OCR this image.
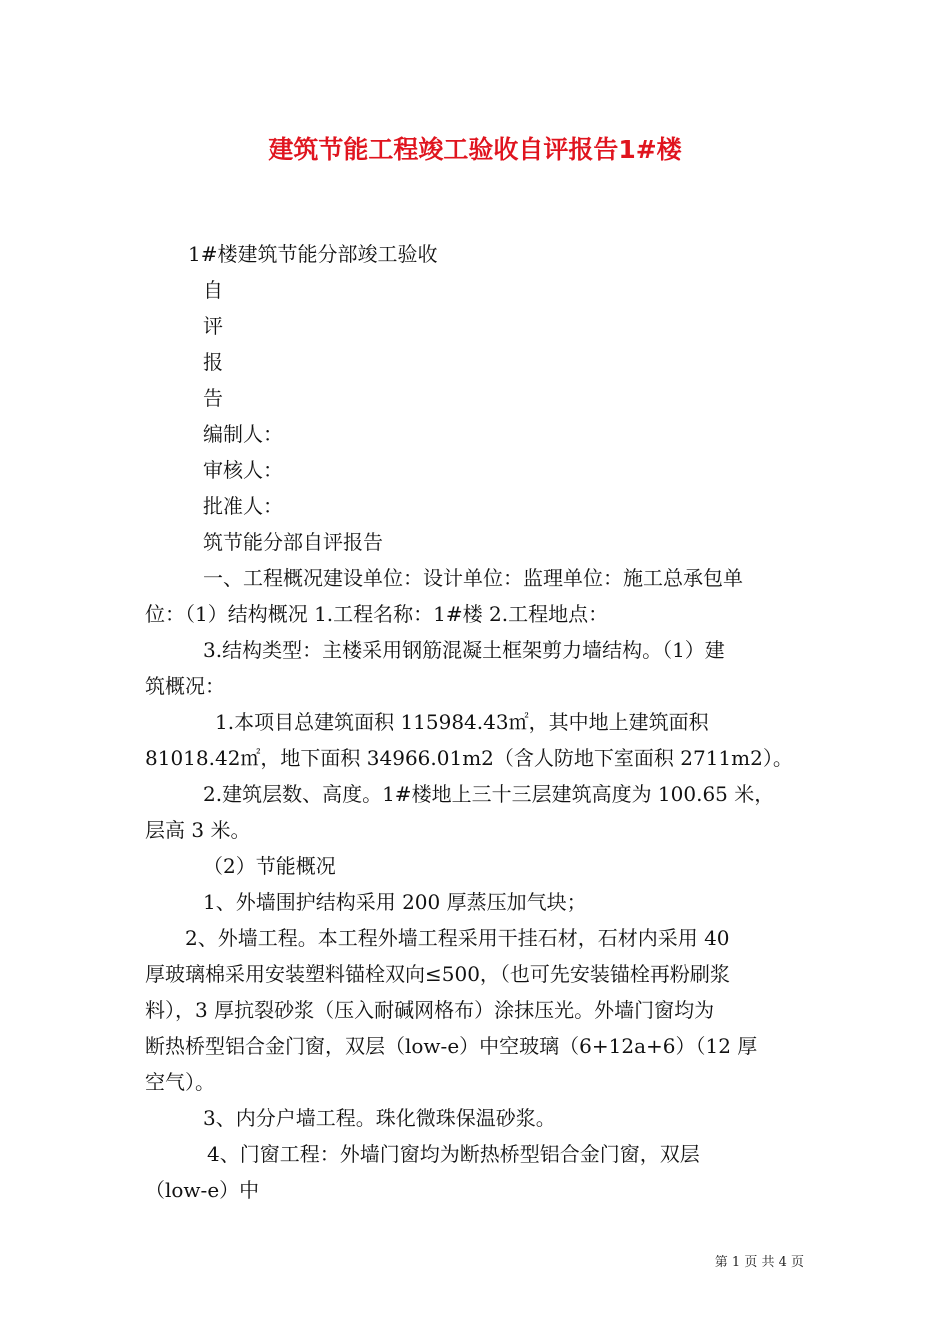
建筑节能工程竣工验收自评报告1#楼

1#楼建筑节能分部竣工验收

自

评

报

告

编制人：

审核人：

批准人：

筑节能分部自评报告

一、工程概况建设单位：设计单位：监理单位：施工总承包单

位：（1）结构概况 1.工程名称：1#楼 2.工程地点：

3.结构类型：主楼采用钢筋混凝土框架剪力墙结构。（1）建

筑概况：

1.本项目总建筑面积 115984.43㎡，其中地上建筑面积

81018.42㎡，地下面积 34966.01m2（含人防地下室面积 2711m2）。

2.建筑层数、高度。1#楼地上三十三层建筑高度为 100.65 米，

层高 3 米。

（2）节能概况

1、外墙围护结构采用 200 厚蒸压加气块；

2、外墙工程。本工程外墙工程采用干挂石材，石材内采用 40

厚玻璃棉采用安装塑料锚栓双向≤500，（也可先安装锚栓再粉刷浆

料），3 厚抗裂砂浆（压入耐碱网格布）涂抹压光。外墙门窗均为

断热桥型铝合金门窗，双层（low-e）中空玻璃（6+12a+6）（12 厚

空气）。

3、内分户墙工程。珠化微珠保温砂浆。

4、门窗工程：外墙门窗均为断热桥型铝合金门窗，双层

（low-e）中

第 1 页 共 4 页
